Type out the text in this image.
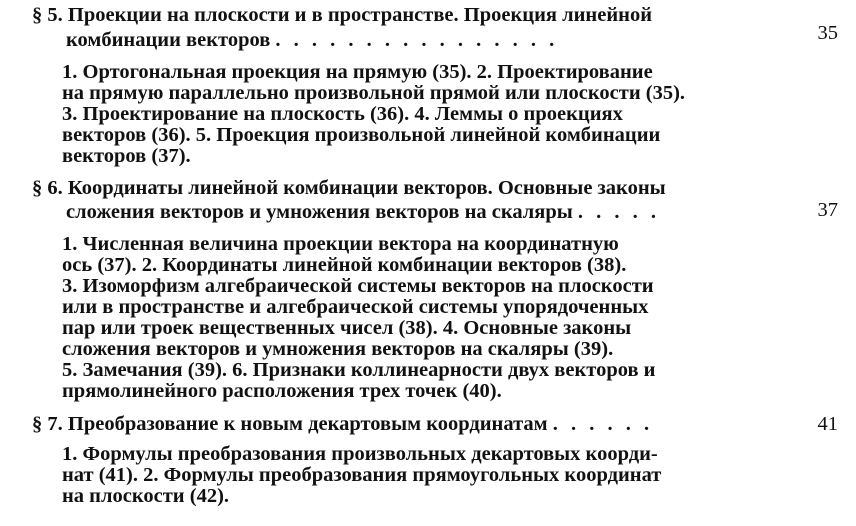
§ 5. Проекции на плоскости и в пространстве. Проекция линейной
комбинации векторов . . . . . . . . . . . . . . . .	35
1. Ортогональная проекция на прямую (35). 2. Проектирование
на прямую параллельно произвольной прямой или плоскости (35).
3. Проектирование на плоскость (36). 4. Леммы о проекциях
векторов (36). 5. Проекция произвольной линейной комбинации
векторов (37).
§ 6. Координаты линейной комбинации векторов. Основные законы
сложения векторов и умножения векторов на скаляры . . . . .	37
1. Численная величина проекции вектора на координатную
ось (37). 2. Координаты линейной комбинации векторов (38).
3. Изоморфизм алгебраической системы векторов на плоскости
или в пространстве и алгебраической системы упорядоченных
пар или троек вещественных чисел (38). 4. Основные законы
сложения векторов и умножения векторов на скаляры (39).
5. Замечания (39). 6. Признаки коллинеарности двух векторов и
прямолинейного расположения трех точек (40).
§ 7. Преобразование к новым декартовым координатам . . . . . .	41
1. Формулы преобразования произвольных декартовых коорди-
нат (41). 2. Формулы преобразования прямоугольных координат
на плоскости (42).
